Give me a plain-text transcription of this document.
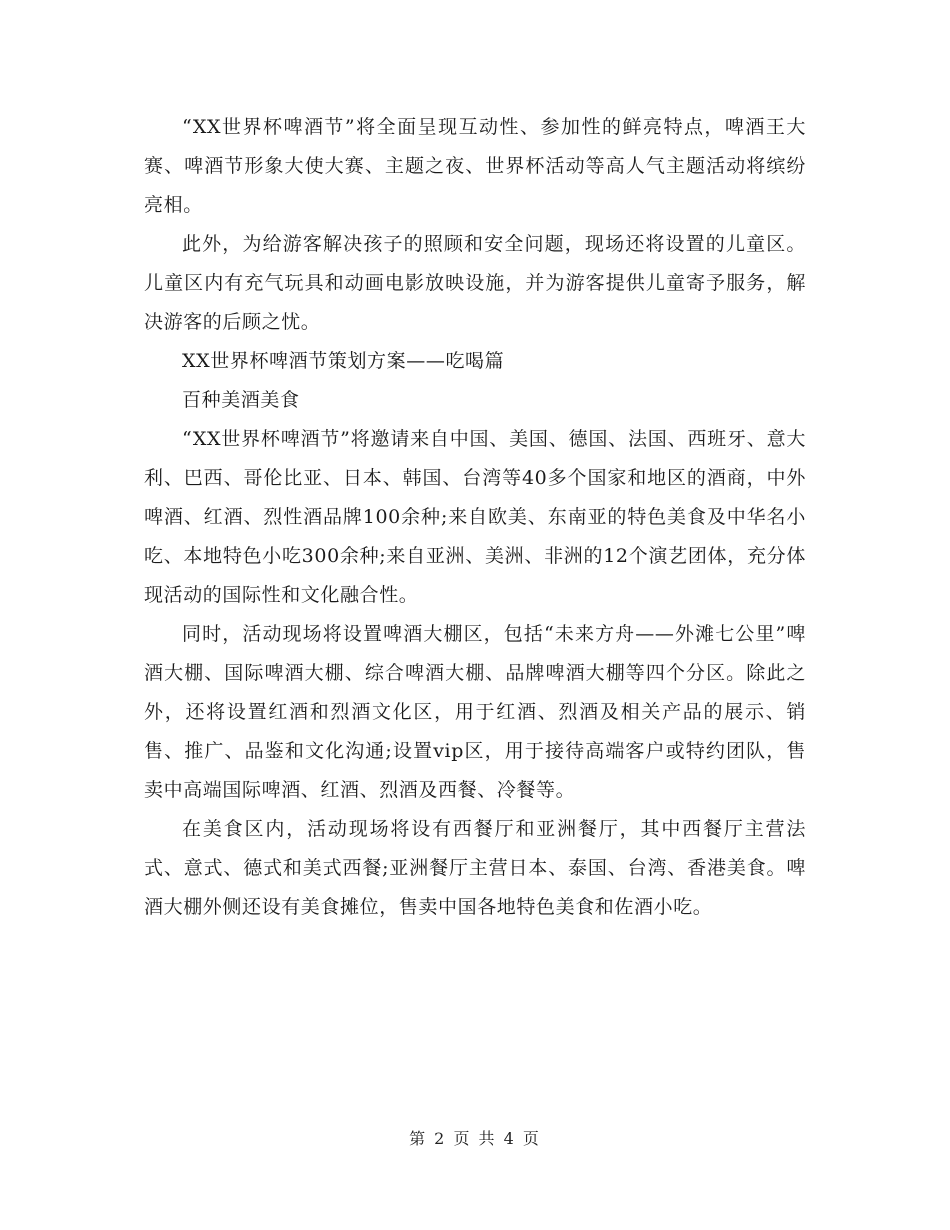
“XX世界杯啤酒节”将全面呈现互动性、参加性的鲜亮特点，啤酒王大赛、啤酒节形象大使大赛、主题之夜、世界杯活动等高人气主题活动将缤纷亮相。

此外，为给游客解决孩子的照顾和安全问题，现场还将设置的儿童区。儿童区内有充气玩具和动画电影放映设施，并为游客提供儿童寄予服务，解决游客的后顾之忧。

XX世界杯啤酒节策划方案——吃喝篇

百种美酒美食

“XX世界杯啤酒节”将邀请来自中国、美国、德国、法国、西班牙、意大利、巴西、哥伦比亚、日本、韩国、台湾等40多个国家和地区的酒商，中外啤酒、红酒、烈性酒品牌100余种;来自欧美、东南亚的特色美食及中华名小吃、本地特色小吃300余种;来自亚洲、美洲、非洲的12个演艺团体，充分体现活动的国际性和文化融合性。

同时，活动现场将设置啤酒大棚区，包括“未来方舟——外滩七公里”啤酒大棚、国际啤酒大棚、综合啤酒大棚、品牌啤酒大棚等四个分区。除此之外，还将设置红酒和烈酒文化区，用于红酒、烈酒及相关产品的展示、销售、推广、品鉴和文化沟通;设置vip区，用于接待高端客户或特约团队，售卖中高端国际啤酒、红酒、烈酒及西餐、冷餐等。

在美食区内，活动现场将设有西餐厅和亚洲餐厅，其中西餐厅主营法式、意式、德式和美式西餐;亚洲餐厅主营日本、泰国、台湾、香港美食。啤酒大棚外侧还设有美食摊位，售卖中国各地特色美食和佐酒小吃。

第 2 页 共 4 页
